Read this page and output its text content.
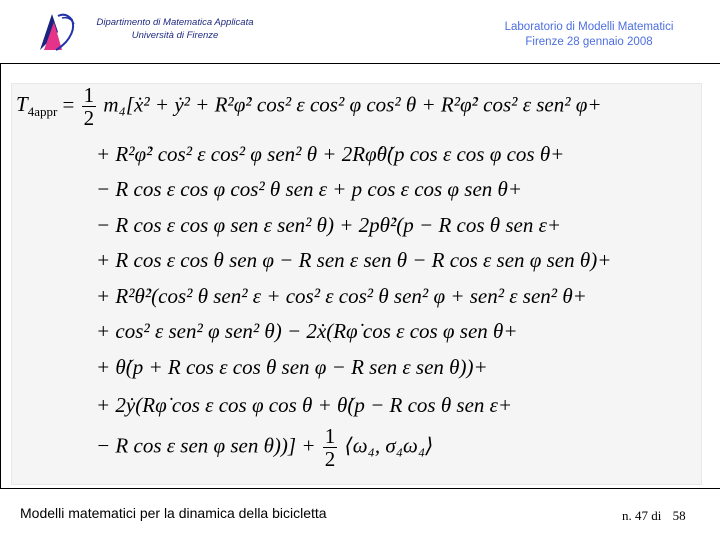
Dipartimento di Matematica Applicata
Università di Firenze
Laboratorio di Modelli Matematici
Firenze 28 gennaio 2008
$T_{4appr} = \frac{1}{2}$ m₄[ẋ² + ẏ² + R²φ̇² cos² ε cos² φ cos² θ + R²φ̇² cos² ε sen² φ+
+ R²φ̇² cos² ε cos² φ sen² θ + 2Rφ̇θ̇(p cos ε cos φ cos θ+
− R cos ε cos φ cos² θ sen ε + p cos ε cos φ sen θ+
− R cos ε cos φ sen ε sen² θ) + 2pθ̇²(p − R cos θ sen ε+
+ R cos ε cos θ sen φ − R sen ε sen θ − R cos ε sen φ sen θ)+
+ R²θ̇²(cos² θ sen² ε + cos² ε cos² θ sen² φ + sen² ε sen² θ+
+ cos² ε sen² φ sen² θ) − 2ẋ(Rφ̇ cos ε cos φ sen θ+
+ θ̇(p + R cos ε cos θ sen φ − R sen ε sen θ))+
+ 2ẏ(Rφ̇ cos ε cos φ cos θ + θ̇(p − R cos θ sen ε+
− R cos ε sen φ sen $\theta))] + \frac{1}{2}$ ⟨ω₄, σ₄ω₄⟩
Modelli matematici per la dinamica della bicicletta	n. 47 di 58
